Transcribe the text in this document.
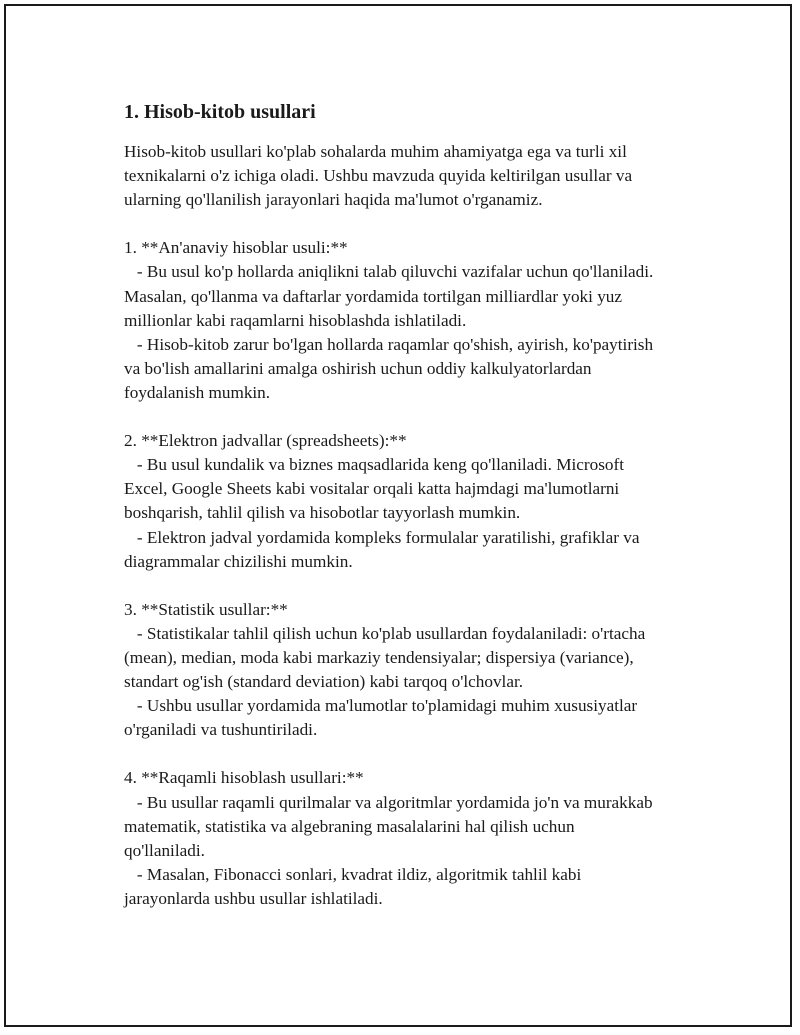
1. Hisob-kitob usullari

Hisob-kitob usullari ko'plab sohalarda muhim ahamiyatga ega va turli xil
texnikalarni o'z ichiga oladi. Ushbu mavzuda quyida keltirilgan usullar va
ularning qo'llanilish jarayonlari haqida ma'lumot o'rganamiz.

1. **An'anaviy hisoblar usuli:**
- Bu usul ko'p hollarda aniqlikni talab qiluvchi vazifalar uchun qo'llaniladi.
Masalan, qo'llanma va daftarlar yordamida tortilgan milliardlar yoki yuz
millionlar kabi raqamlarni hisoblashda ishlatiladi.
- Hisob-kitob zarur bo'lgan hollarda raqamlar qo'shish, ayirish, ko'paytirish
va bo'lish amallarini amalga oshirish uchun oddiy kalkulyatorlardan
foydalanish mumkin.

2. **Elektron jadvallar (spreadsheets):**
- Bu usul kundalik va biznes maqsadlarida keng qo'llaniladi. Microsoft
Excel, Google Sheets kabi vositalar orqali katta hajmdagi ma'lumotlarni
boshqarish, tahlil qilish va hisobotlar tayyorlash mumkin.
- Elektron jadval yordamida kompleks formulalar yaratilishi, grafiklar va
diagrammalar chizilishi mumkin.

3. **Statistik usullar:**
- Statistikalar tahlil qilish uchun ko'plab usullardan foydalaniladi: o'rtacha
(mean), median, moda kabi markaziy tendensiyalar; dispersiya (variance),
standart og'ish (standard deviation) kabi tarqoq o'lchovlar.
- Ushbu usullar yordamida ma'lumotlar to'plamidagi muhim xususiyatlar
o'rganiladi va tushuntiriladi.

4. **Raqamli hisoblash usullari:**
- Bu usullar raqamli qurilmalar va algoritmlar yordamida jo'n va murakkab
matematik, statistika va algebraning masalalarini hal qilish uchun
qo'llaniladi.
- Masalan, Fibonacci sonlari, kvadrat ildiz, algoritmik tahlil kabi
jarayonlarda ushbu usullar ishlatiladi.
